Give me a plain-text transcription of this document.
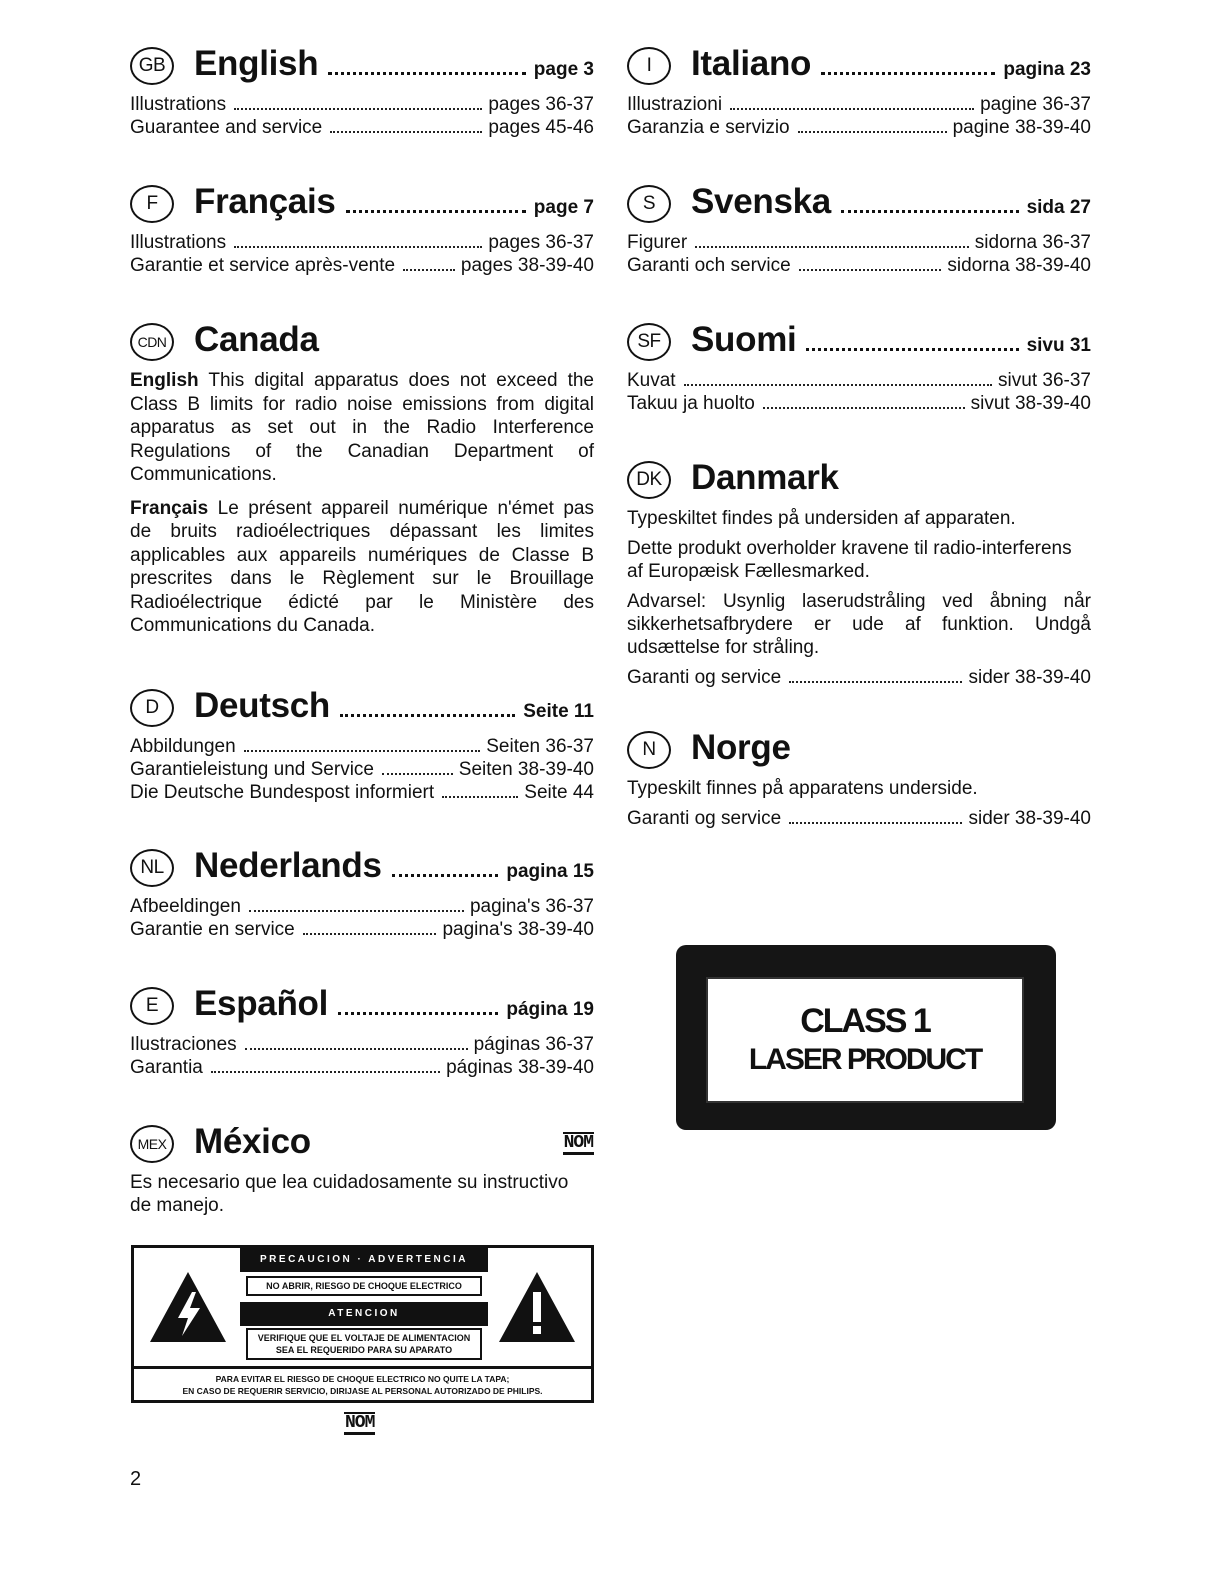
GB English	page 3
Illustrations	pages 36-37
Guarantee and service	pages 45-46
F	Français	page 7
Illustrations	pages 36-37
Garantie et service après-vente	pages 38-39-40
CDN Canada

English This digital apparatus does not exceed the Class B limits for radio noise emissions from digital apparatus as set out in the Radio Interference Regulations of the Canadian Department of Communications.

Français Le présent appareil numérique n'émet pas de bruits radioélectriques dépassant les limites applicables aux appareils numériques de Classe B prescrites dans le Règlement sur le Brouillage Radioélectrique édicté par le Ministère des Communications du Canada.

D	Deutsch	Seite 11
Abbildungen	Seiten 36-37
Garantieleistung und Service	Seiten 38-39-40
Die Deutsche Bundespost informiert	Seite 44
NL Nederlands	pagina 15
Afbeeldingen	pagina's 36-37
Garantie en service	pagina's 38-39-40
E	Español	página 19
Ilustraciones	páginas 36-37
Garantia	páginas 38-39-40
MEX México	NOM

Es necesario que lea cuidadosamente su instructivo de manejo.

I	Italiano	pagina 23
Illustrazioni	pagine 36-37
Garanzia e servizio	pagine 38-39-40
S	Svenska	sida 27
Figurer	sidorna 36-37
Garanti och service	sidorna 38-39-40
SF Suomi	sivu 31
Kuvat	sivut 36-37
Takuu ja huolto	sivut 38-39-40
DK Danmark

Typeskiltet findes på undersiden af apparaten.

Dette produkt overholder kravene til radio-interferens af Europæisk Fællesmarked.

Advarsel: Usynlig laserudstråling ved åbning når sikkerhetsafbrydere er ude af funktion. Undgå udsættelse for stråling.

Garanti og service	sider 38-39-40
N	Norge

Typeskilt finnes på apparatens underside.

Garanti og service	sider 38-39-40
CLASS 1
LASER PRODUCT
PRECAUCION · ADVERTENCIA
NO ABRIR, RIESGO DE CHOQUE ELECTRICO
ATENCION
VERIFIQUE QUE EL VOLTAJE DE ALIMENTACION SEA EL REQUERIDO PARA SU APARATO
PARA EVITAR EL RIESGO DE CHOQUE ELECTRICO NO QUITE LA TAPA;
EN CASO DE REQUERIR SERVICIO, DIRIJASE AL PERSONAL AUTORIZADO DE PHILIPS.
NOM
2
